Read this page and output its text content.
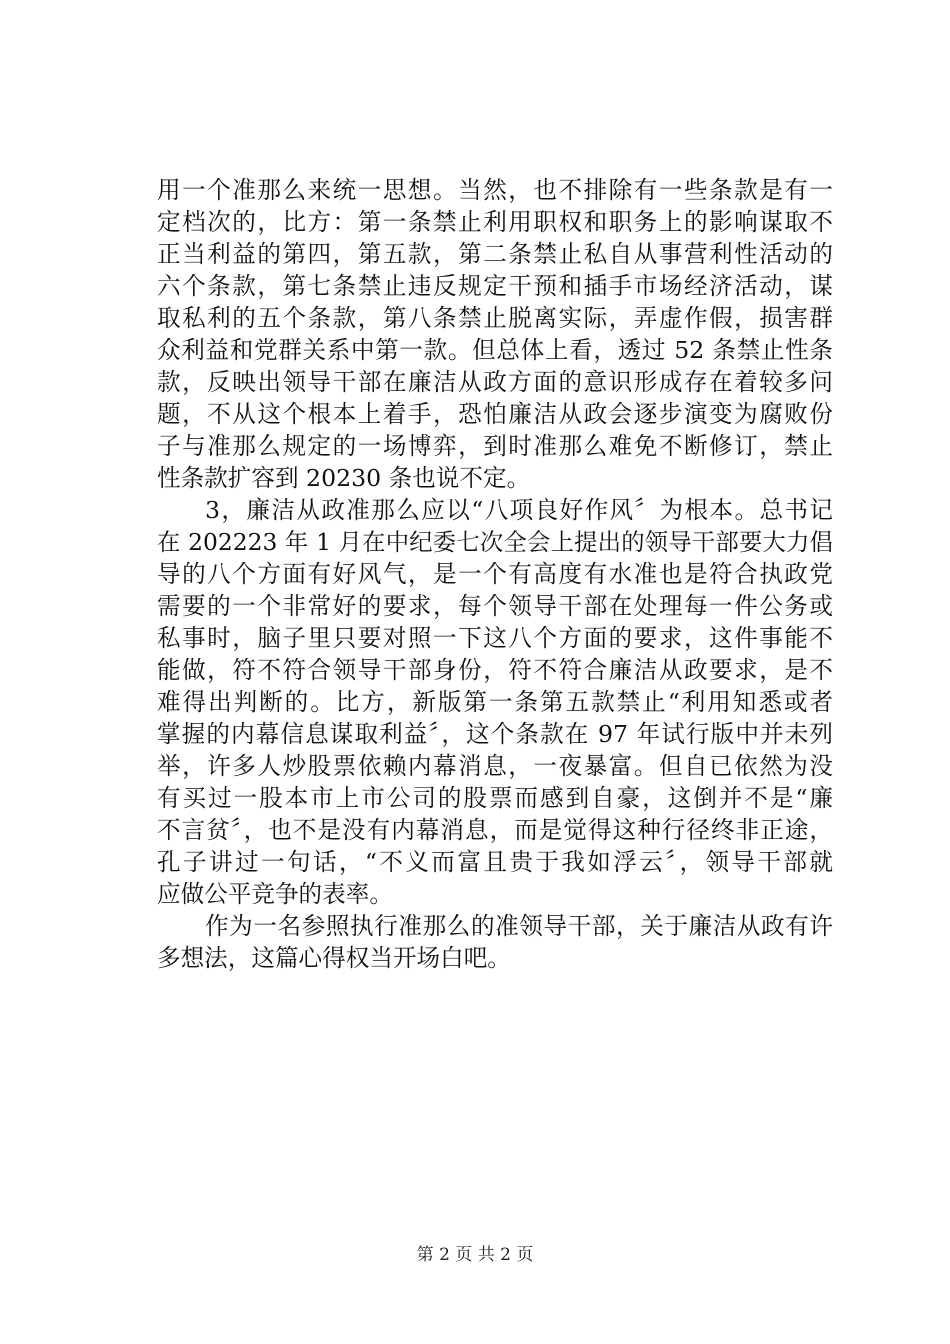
用一个准那么来统一思想。当然，也不排除有一些条款是有一
定档次的，比方：第一条禁止利用职权和职务上的影响谋取不
正当利益的第四，第五款，第二条禁止私自从事营利性活动的
六个条款，第七条禁止违反规定干预和插手市场经济活动，谋
取私利的五个条款，第八条禁止脱离实际，弄虚作假，损害群
众利益和党群关系中第一款。但总体上看，透过 52 条禁止性条
款，反映出领导干部在廉洁从政方面的意识形成存在着较多问
题，不从这个根本上着手，恐怕廉洁从政会逐步演变为腐败份
子与准那么规定的一场博弈，到时准那么难免不断修订，禁止
性条款扩容到 20230 条也说不定。
3，廉洁从政准那么应以“八项良好作风〞为根本。总书记
在 202223 年 1 月在中纪委七次全会上提出的领导干部要大力倡
导的八个方面有好风气，是一个有高度有水准也是符合执政党
需要的一个非常好的要求，每个领导干部在处理每一件公务或
私事时，脑子里只要对照一下这八个方面的要求，这件事能不
能做，符不符合领导干部身份，符不符合廉洁从政要求，是不
难得出判断的。比方，新版第一条第五款禁止“利用知悉或者
掌握的内幕信息谋取利益〞，这个条款在 97 年试行版中并未列
举，许多人炒股票依赖内幕消息，一夜暴富。但自已依然为没
有买过一股本市上市公司的股票而感到自豪，这倒并不是“廉
不言贫〞，也不是没有内幕消息，而是觉得这种行径终非正途，
孔子讲过一句话，“不义而富且贵于我如浮云〞，领导干部就
应做公平竞争的表率。
作为一名参照执行准那么的准领导干部，关于廉洁从政有许
多想法，这篇心得权当开场白吧。
第 2 页 共 2 页
